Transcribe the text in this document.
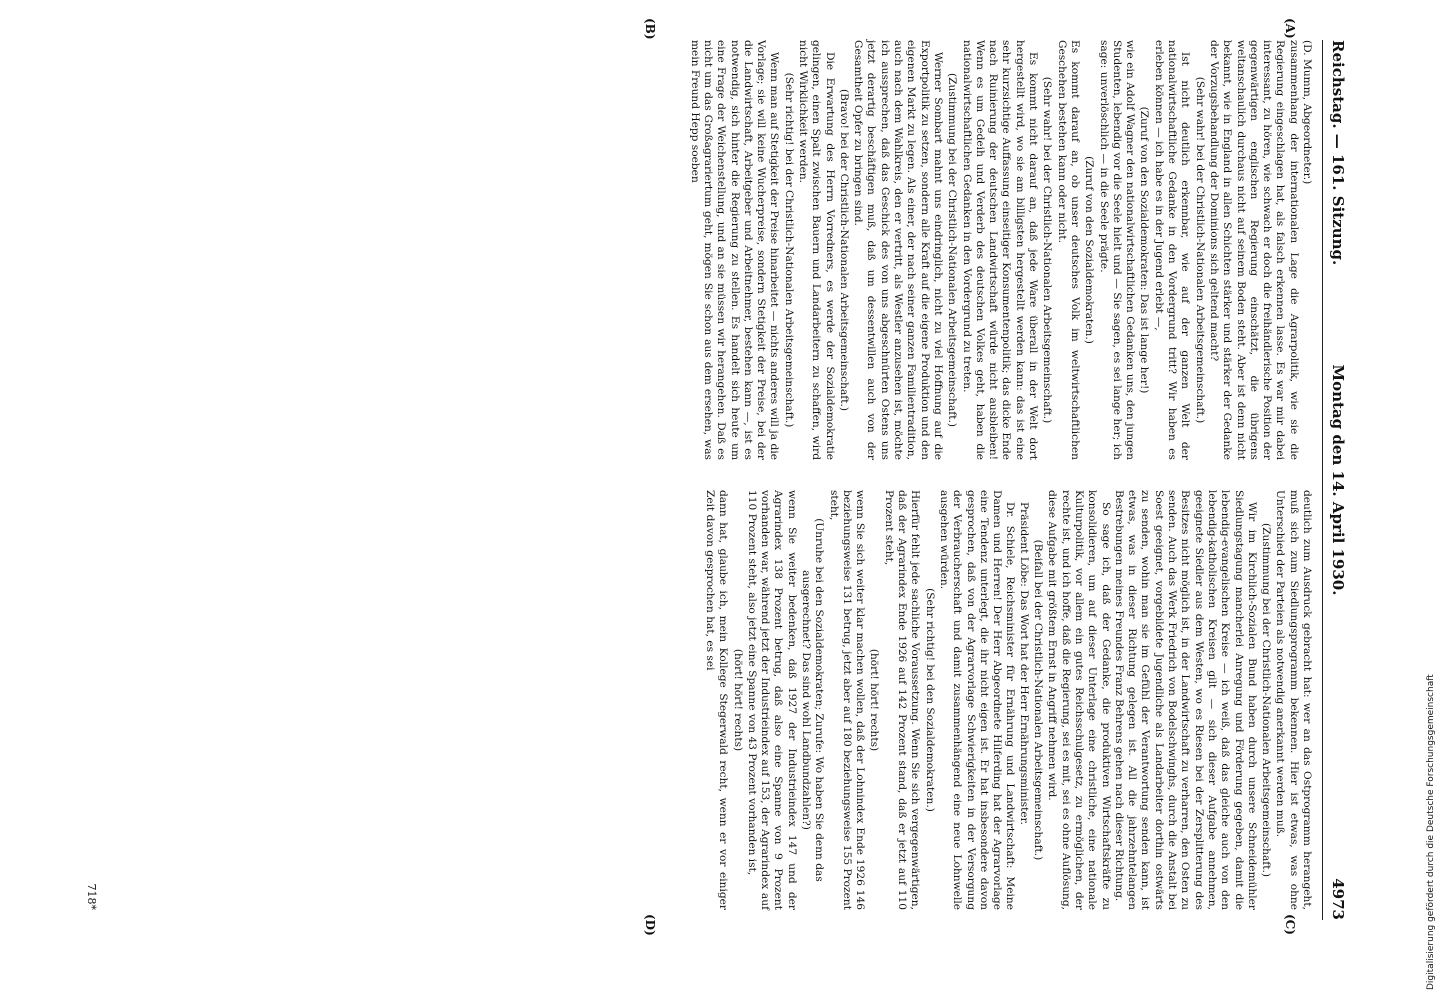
Reichstag. — 161. Sitzung.
Montag den 14. April 1930.
4973
(A)
(B)
(C)
(D)

(D. Mumm, Abgeordneter.)

zusammenhang der internationalen Lage die Agrarpolitik, wie sie die Regierung eingeschlagen hat, als falsch erkennen lasse. Es war mir dabei interessant, zu hören, wie schwach er doch die freihändlerische Position der gegenwärtigen englischen Regierung einschätzt, die übrigens weltanschaulich durchaus nicht auf seinem Boden steht. Aber ist denn nicht bekannt, wie in England in allen Schichten stärker und stärker der Gedanke der Vorzugsbehandlung der Dominions sich geltend macht?

(Sehr wahr! bei der Christlich-Nationalen Arbeitsgemeinschaft.)

Ist nicht deutlich erkennbar, wie auf der ganzen Welt der nationalwirtschaftliche Gedanke in den Vordergrund tritt? Wir haben es erleben können — ich habe es in der Jugend erlebt —,

(Zuruf von den Sozialdemokraten: Das ist lange her!)

wie ein Adolf Wagner den nationalwirtschaftlichen Gedanken uns, den jungen Studenten, lebendig vor die Seele hielt und — Sie sagen, es sei lange her; ich sage: unverlöschlich — in die Seele prägte.

(Zuruf von den Sozialdemokraten.)

Es kommt darauf an, ob unser deutsches Volk im weltwirtschaftlichen Geschehen bestehen kann oder nicht.

(Sehr wahr! bei der Christlich-Nationalen Arbeitsgemeinschaft.)

Es kommt nicht darauf an, daß jede Ware überall in der Welt dort hergestellt wird, wo sie am billigsten hergestellt werden kann: das ist eine sehr kurzsichtige Auffassung einseitiger Konsumentenpolitik; das dicke Ende nach Ruinierung der deutschen Landwirtschaft würde nicht ausbleiben! Wenn es um Gedeih und Verderb des deutschen Volkes geht, haben die nationalwirtschaftlichen Gedanken in den Vordergrund zu treten.

(Zustimmung bei der Christlich-Nationalen Arbeitsgemeinschaft.)

Werner Sombart mahnt uns eindringlich, nicht zu viel Hoffnung auf die Exportpolitik zu setzen, sondern alle Kraft auf die eigene Produktion und den eigenen Markt zu legen. Als einer, der nach seiner ganzen Familientradition, auch nach dem Wahlkreis, den er vertritt, als Westler anzusehen ist, möchte ich aussprechen, daß das Geschick des von uns abgeschnürten Ostens uns jetzt derartig beschäftigen muß, daß um dessentwillen auch von der Gesamtheit Opfer zu bringen sind.

(Bravo! bei der Christlich-Nationalen Arbeitsgemeinschaft.)

Die Erwartung des Herrn Vorredners, es werde der Sozialdemokratie gelingen, einen Spalt zwischen Bauern und Landarbeitern zu schaffen, wird nicht Wirklichkeit werden.

(Sehr richtig! bei der Christlich-Nationalen Arbeitsgemeinschaft.)

Wenn man auf Stetigkeit der Preise hinarbeitet — nichts anderes will ja die Vorlage; sie will keine Wucherpreise, sondern Stetigkeit der Preise, bei der die Landwirtschaft, Arbeitgeber und Arbeitnehmer, bestehen kann —, ist es notwendig, sich hinter die Regierung zu stellen. Es handelt sich heute um eine Frage der Weichenstellung, und an sie müssen wir herangehen. Daß es nicht um das Großagrariertum geht, mögen Sie schon aus dem ersehen, was mein Freund Hepp soeben

deutlich zum Ausdruck gebracht hat: wer an das Ostprogramm herangeht, muß sich zum Siedlungsprogramm bekennen. Hier ist etwas, was ohne Unterschied der Parteien als notwendig anerkannt werden muß.

(Zustimmung bei der Christlich-Nationalen Arbeitsgemeinschaft.)

Wir im Kirchlich-Sozialen Bund haben durch unsere Schneidemühler Siedlungstagung mancherlei Anregung und Förderung gegeben, damit die lebendig-evangelischen Kreise — ich weiß, daß das gleiche auch von den lebendig-katholischen Kreisen gilt — sich dieser Aufgabe annehmen, geeignete Siedler aus dem Westen, wo es Riesen bei der Zersplitterung des Besitzes nicht möglich ist, in der Landwirtschaft zu verharren, den Osten zu senden. Auch das Werk Friedrich von Bodelschwinghs, durch die Anstalt bei Soest geeignet, vorgebildete Jugendliche als Landarbeiter dorthin ostwärts zu senden, wohin man sie im Gefühl der Verantwortung senden kann, ist etwas, was in dieser Richtung gelegen ist. All die jahrzehntelangen Bestrebungen meines Freundes Franz Behrens gehen nach dieser Richtung.

So sage ich, daß der Gedanke, die produktiven Wirtschaftskräfte zu konsolidieren, um auf dieser Unterlage eine christliche, eine nationale Kulturpolitik, vor allem ein gutes Reichsschulgesetz, zu ermöglichen, der rechte ist, und ich hoffe, daß die Regierung, sei es mit, sei es ohne Auflösung, diese Aufgabe mit größtem Ernst in Angriff nehmen wird.

(Beifall bei der Christlich-Nationalen Arbeitsgemeinschaft.)

Präsident Löbe: Das Wort hat der Herr Ernährungsminister.

Dr. Schiele, Reichsminister für Ernährung und Landwirtschaft: Meine Damen und Herren! Der Herr Abgeordnete Hilferding hat der Agrarvorlage eine Tendenz unterlegt, die ihr nicht eigen ist. Er hat insbesondere davon gesprochen, daß von der Agrarvorlage Schwierigkeiten in der Versorgung der Verbraucherschaft und damit zusammenhängend eine neue Lohnwelle ausgehen würden.

(Sehr richtig! bei den Sozialdemokraten.)

Hierfür fehlt jede sachliche Voraussetzung. Wenn Sie sich vergegenwärtigen, daß der Agrarindex Ende 1926 auf 142 Prozent stand, daß er jetzt auf 110 Prozent steht,

(hört! hört! rechts)

wenn Sie sich weiter klar machen wollen, daß der Lohnindex Ende 1926 146 beziehungsweise 131 betrug, jetzt aber auf 180 beziehungsweise 155 Prozent steht,

(Unruhe bei den Sozialdemokraten; Zurufe: Wo haben Sie denn das ausgerechnet? Das sind wohl Landbundzahlen?)

wenn Sie weiter bedenken, daß 1927 der Industrieindex 147 und der Agrarindex 138 Prozent betrug, daß also eine Spanne von 9 Prozent vorhanden war, während jetzt der Industrieindex auf 153, der Agrarindex auf 110 Prozent steht, also jetzt eine Spanne von 43 Prozent vorhanden ist,

(hört! hört! rechts)

dann hat, glaube ich, mein Kollege Stegerwald recht, wenn er vor einiger Zeit davon gesprochen hat, es sei

718*	Digitalisierung gefördert durch die Deutsche Forschungsgemeinschaft
